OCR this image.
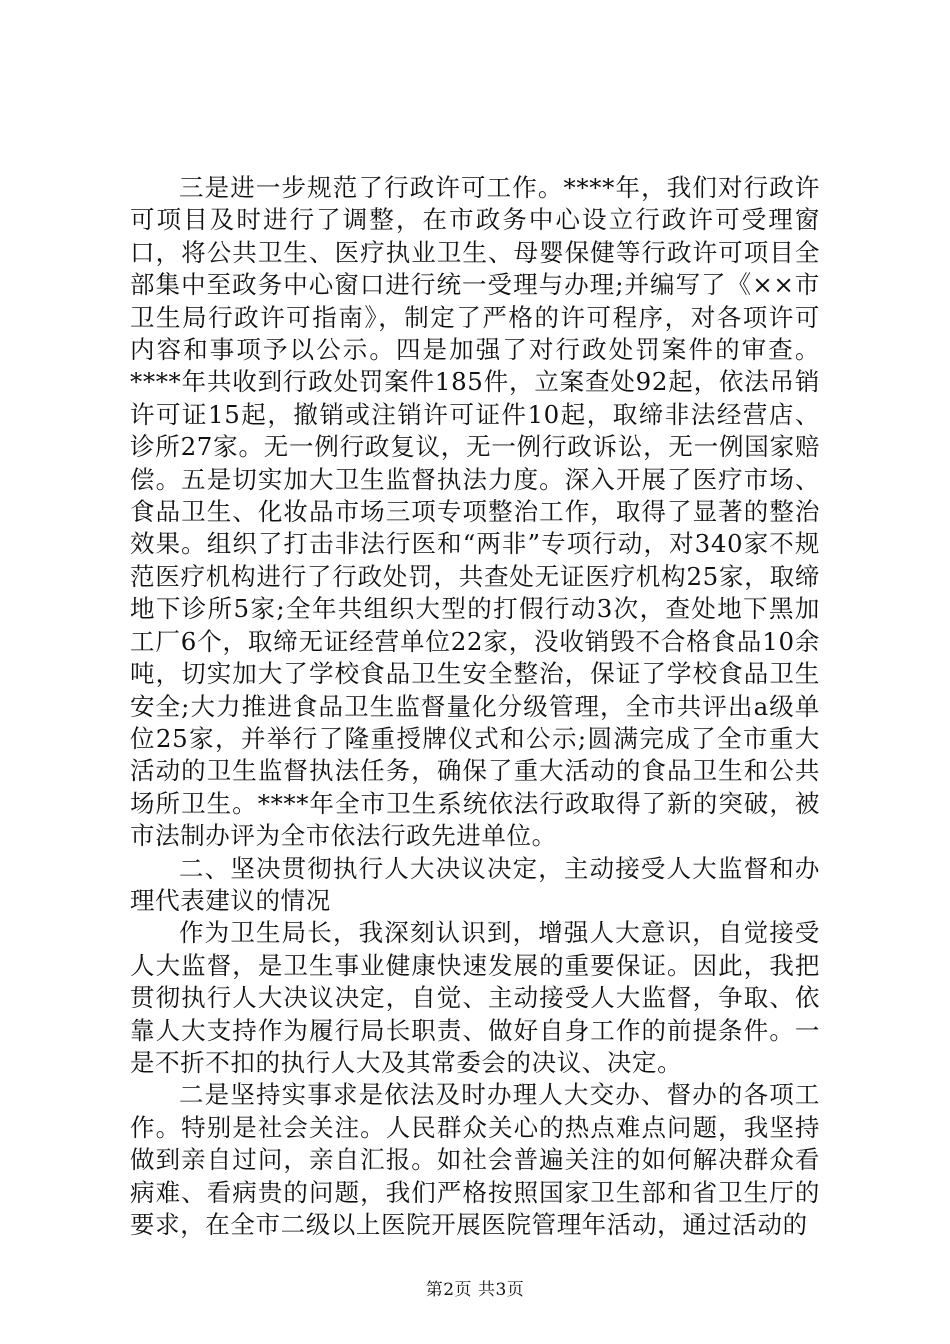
三是进一步规范了行政许可工作。****年，我们对行政许可项目及时进行了调整，在市政务中心设立行政许可受理窗口，将公共卫生、医疗执业卫生、母婴保健等行政许可项目全部集中至政务中心窗口进行统一受理与办理;并编写了《××市卫生局行政许可指南》，制定了严格的许可程序，对各项许可内容和事项予以公示。四是加强了对行政处罚案件的审查。****年共收到行政处罚案件185件，立案查处92起，依法吊销许可证15起，撤销或注销许可证件10起，取缔非法经营店、诊所27家。无一例行政复议，无一例行政诉讼，无一例国家赔偿。五是切实加大卫生监督执法力度。深入开展了医疗市场、食品卫生、化妆品市场三项专项整治工作，取得了显著的整治效果。组织了打击非法行医和“两非”专项行动，对340家不规范医疗机构进行了行政处罚，共查处无证医疗机构25家，取缔地下诊所5家;全年共组织大型的打假行动3次，查处地下黑加工厂6个，取缔无证经营单位22家，没收销毁不合格食品10余吨，切实加大了学校食品卫生安全整治，保证了学校食品卫生安全;大力推进食品卫生监督量化分级管理，全市共评出a级单位25家，并举行了隆重授牌仪式和公示;圆满完成了全市重大活动的卫生监督执法任务，确保了重大活动的食品卫生和公共场所卫生。****年全市卫生系统依法行政取得了新的突破，被市法制办评为全市依法行政先进单位。

二、坚决贯彻执行人大决议决定，主动接受人大监督和办理代表建议的情况

作为卫生局长，我深刻认识到，增强人大意识，自觉接受人大监督，是卫生事业健康快速发展的重要保证。因此，我把贯彻执行人大决议决定，自觉、主动接受人大监督，争取、依靠人大支持作为履行局长职责、做好自身工作的前提条件。一是不折不扣的执行人大及其常委会的决议、决定。

二是坚持实事求是依法及时办理人大交办、督办的各项工作。特别是社会关注。人民群众关心的热点难点问题，我坚持做到亲自过问，亲自汇报。如社会普遍关注的如何解决群众看病难、看病贵的问题，我们严格按照国家卫生部和省卫生厅的要求，在全市二级以上医院开展医院管理年活动，通过活动的

第2页 共3页
